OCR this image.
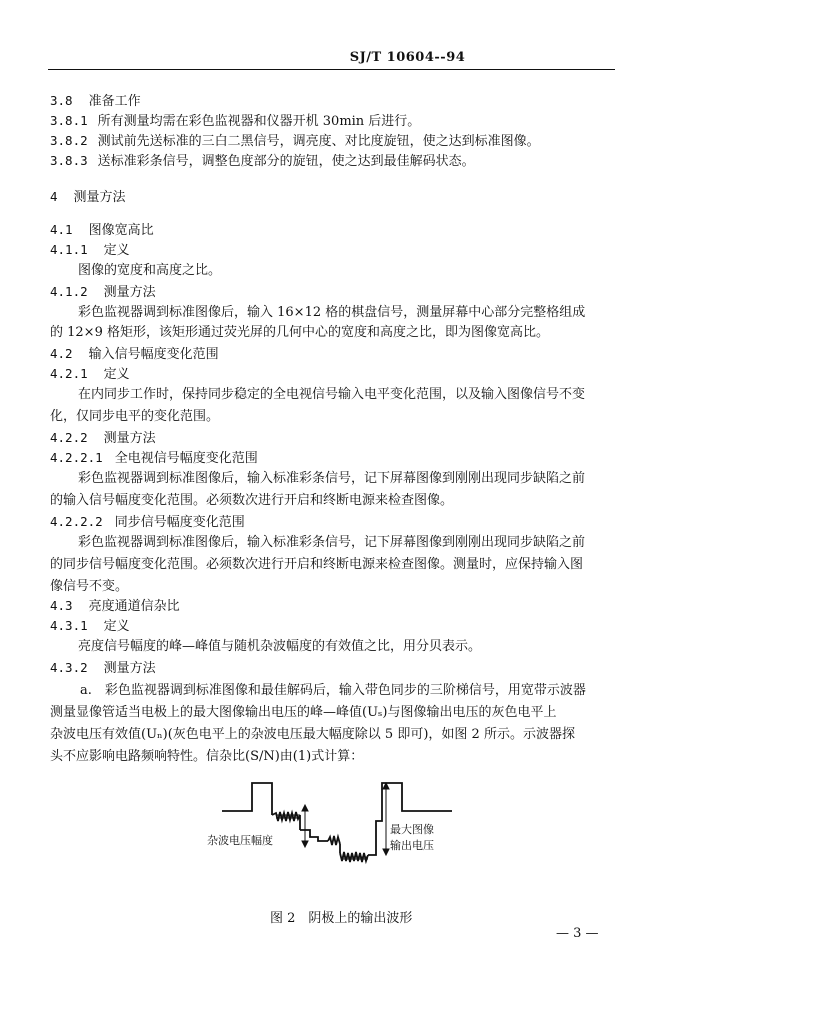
SJ/T 10604--94
3.8 准备工作
3.8.1 所有测量均需在彩色监视器和仪器开机 30min 后进行。
3.8.2 测试前先送标准的三白二黑信号，调亮度、对比度旋钮，使之达到标准图像。
3.8.3 送标准彩条信号，调整色度部分的旋钮，使之达到最佳解码状态。
4 测量方法
4.1 图像宽高比
4.1.1 定义
图像的宽度和高度之比。
4.1.2 测量方法
彩色监视器调到标准图像后，输入 16×12 格的棋盘信号，测量屏幕中心部分完整格组成
的 12×9 格矩形，该矩形通过荧光屏的几何中心的宽度和高度之比，即为图像宽高比。
4.2 输入信号幅度变化范围
4.2.1 定义
在内同步工作时，保持同步稳定的全电视信号输入电平变化范围，以及输入图像信号不变
化，仅同步电平的变化范围。
4.2.2 测量方法
4.2.2.1 全电视信号幅度变化范围
彩色监视器调到标准图像后，输入标准彩条信号，记下屏幕图像到刚刚出现同步缺陷之前
的输入信号幅度变化范围。必须数次进行开启和终断电源来检查图像。
4.2.2.2 同步信号幅度变化范围
彩色监视器调到标准图像后，输入标准彩条信号，记下屏幕图像到刚刚出现同步缺陷之前
的同步信号幅度变化范围。必须数次进行开启和终断电源来检查图像。测量时，应保持输入图
像信号不变。
4.3 亮度通道信杂比
4.3.1 定义
亮度信号幅度的峰—峰值与随机杂波幅度的有效值之比，用分贝表示。
4.3.2 测量方法
a.　彩色监视器调到标准图像和最佳解码后，输入带色同步的三阶梯信号，用宽带示波器
测量显像管适当电极上的最大图像输出电压的峰—峰值(Uₛ)与图像输出电压的灰色电平上
杂波电压有效值(Uₙ)(灰色电平上的杂波电压最大幅度除以 5 即可)，如图 2 所示。示波器探
头不应影响电路频响特性。信杂比(S/N)由(1)式计算：
杂波电压幅度
最大图像
输出电压
图 2　阴极上的输出波形
— 3 —
